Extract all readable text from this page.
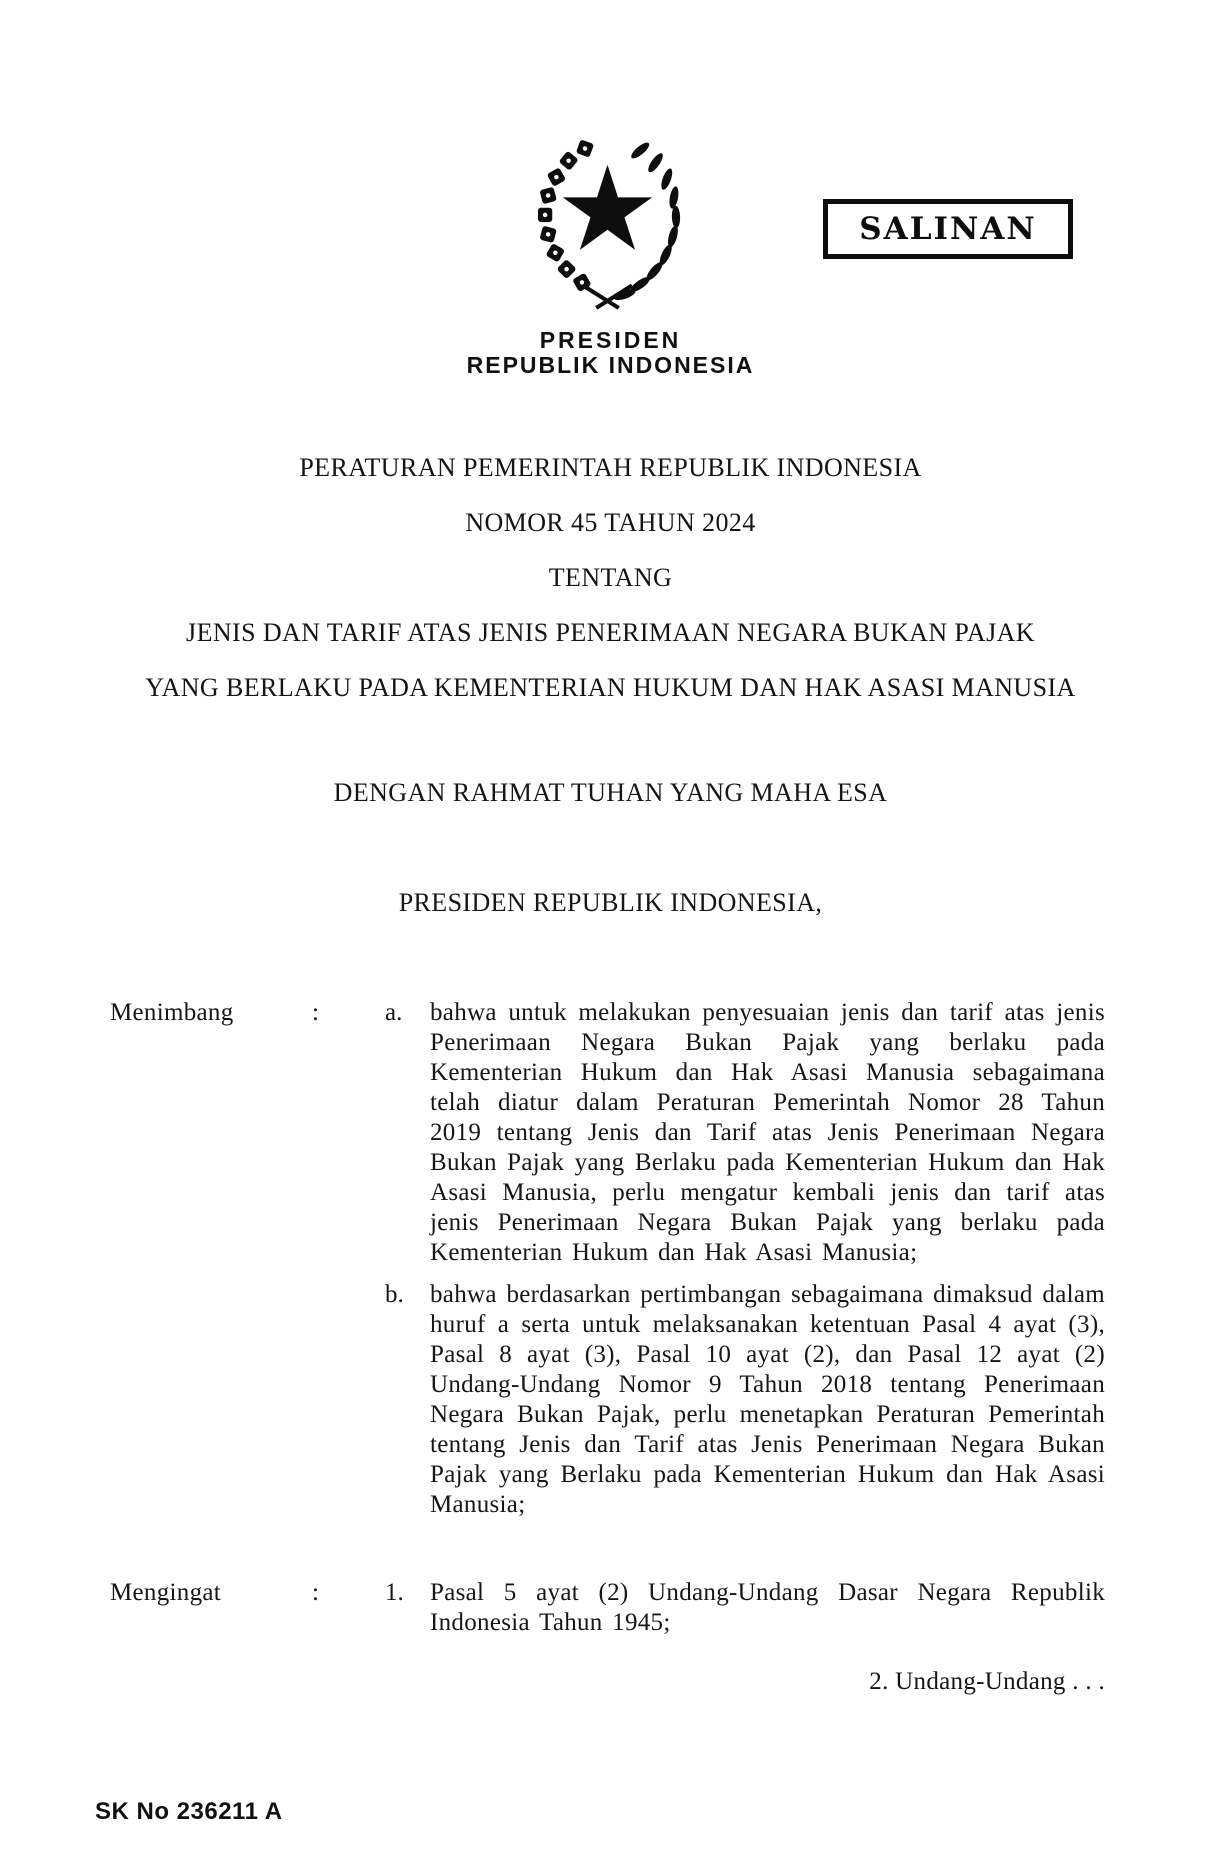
PRESIDEN
REPUBLIK INDONESIA
SALINAN
PERATURAN PEMERINTAH REPUBLIK INDONESIA
NOMOR 45 TAHUN 2024
TENTANG
JENIS DAN TARIF ATAS JENIS PENERIMAAN NEGARA BUKAN PAJAK
YANG BERLAKU PADA KEMENTERIAN HUKUM DAN HAK ASASI MANUSIA
DENGAN RAHMAT TUHAN YANG MAHA ESA
PRESIDEN REPUBLIK INDONESIA,
Menimbang	:	a.	bahwa untuk melakukan penyesuaian jenis dan tarif atas jenis Penerimaan Negara Bukan Pajak yang berlaku pada Kementerian Hukum dan Hak Asasi Manusia sebagaimana telah diatur dalam Peraturan Pemerintah Nomor 28 Tahun 2019 tentang Jenis dan Tarif atas Jenis Penerimaan Negara Bukan Pajak yang Berlaku pada Kementerian Hukum dan Hak Asasi Manusia, perlu mengatur kembali jenis dan tarif atas jenis Penerimaan Negara Bukan Pajak yang berlaku pada Kementerian Hukum dan Hak Asasi Manusia;

b.	bahwa berdasarkan pertimbangan sebagaimana dimaksud dalam huruf a serta untuk melaksanakan ketentuan Pasal 4 ayat (3), Pasal 8 ayat (3), Pasal 10 ayat (2), dan Pasal 12 ayat (2) Undang-Undang Nomor 9 Tahun 2018 tentang Penerimaan Negara Bukan Pajak, perlu menetapkan Peraturan Pemerintah tentang Jenis dan Tarif atas Jenis Penerimaan Negara Bukan Pajak yang Berlaku pada Kementerian Hukum dan Hak Asasi Manusia;

Mengingat	:	1.	Pasal 5 ayat (2) Undang-Undang Dasar Negara Republik Indonesia Tahun 1945;

2. Undang-Undang . . .
SK No 236211 A
